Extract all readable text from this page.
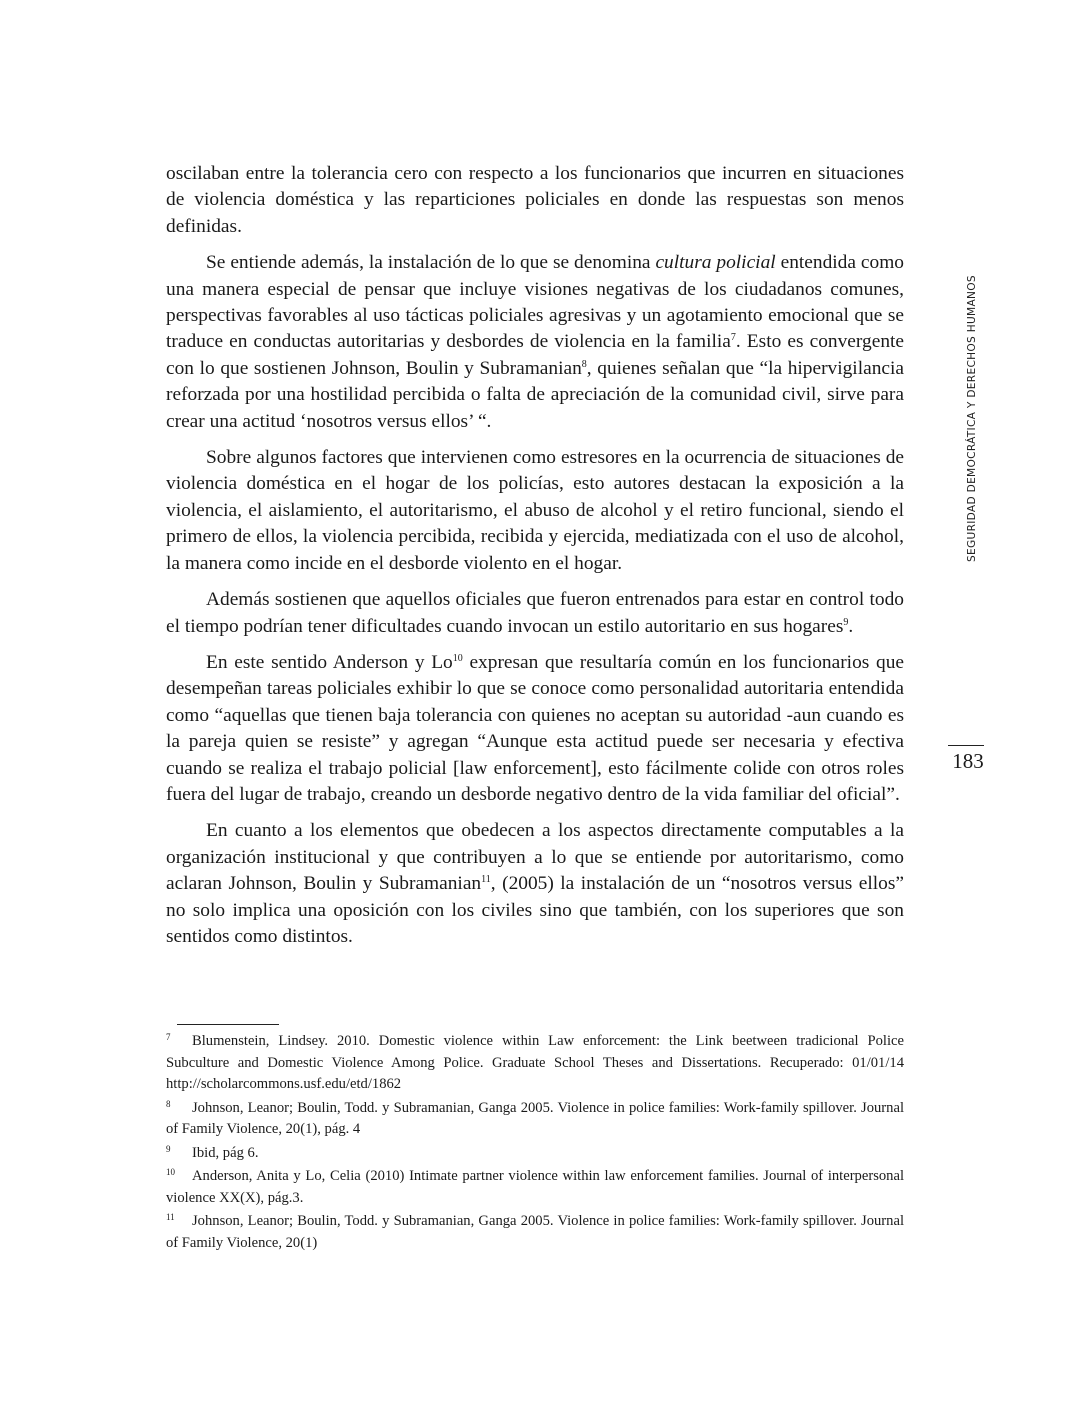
SEGURIDAD DEMOCRÁTICA Y DERECHOS HUMANOS
183

oscilaban entre la tolerancia cero con respecto a los funcionarios que incurren en situaciones de violencia doméstica y las reparticiones policiales en donde las respuestas son menos definidas.

Se entiende además, la instalación de lo que se denomina cultura policial entendida como una manera especial de pensar que incluye visiones negativas de los ciudadanos comunes, perspectivas favorables al uso tácticas policiales agresivas y un agotamiento emocional que se traduce en conductas autoritarias y desbordes de violencia en la familia$^7$. Esto es convergente con lo que sostienen Johnson, Boulin y Subramanian$^8$, quienes señalan que “la hipervigilancia reforzada por una hostilidad percibida o falta de apreciación de la comunidad civil, sirve para crear una actitud ‘nosotros versus ellos’ “.

Sobre algunos factores que intervienen como estresores en la ocurrencia de situaciones de violencia doméstica en el hogar de los policías, esto autores destacan la exposición a la violencia, el aislamiento, el autoritarismo, el abuso de alcohol y el retiro funcional, siendo el primero de ellos, la violencia percibida, recibida y ejercida, mediatizada con el uso de alcohol, la manera como incide en el desborde violento en el hogar.

Además sostienen que aquellos oficiales que fueron entrenados para estar en control todo el tiempo podrían tener dificultades cuando invocan un estilo autoritario en sus hogares$^9$.

En este sentido Anderson y Lo$^{10}$ expresan que resultaría común en los funcionarios que desempeñan tareas policiales exhibir lo que se conoce como personalidad autoritaria entendida como “aquellas que tienen baja tolerancia con quienes no aceptan su autoridad -aun cuando es la pareja quien se resiste” y agregan “Aunque esta actitud puede ser necesaria y efectiva cuando se realiza el trabajo policial [law enforcement], esto fácilmente colide con otros roles fuera del lugar de trabajo, creando un desborde negativo dentro de la vida familiar del oficial”.

En cuanto a los elementos que obedecen a los aspectos directamente computables a la organización institucional y que contribuyen a lo que se entiende por autoritarismo, como aclaran Johnson, Boulin y Subramanian$^{11}$, (2005) la instalación de un “nosotros versus ellos” no solo implica una oposición con los civiles sino que también, con los superiores que son sentidos como distintos.

7 Blumenstein, Lindsey. 2010. Domestic violence within Law enforcement: the Link beetween tradicional Police Subculture and Domestic Violence Among Police. Graduate School Theses and Dissertations. Recuperado: 01/01/14 http://scholarcommons.usf.edu/etd/1862
8 Johnson, Leanor; Boulin, Todd. y Subramanian, Ganga 2005. Violence in police families: Work-family spillover. Journal of Family Violence, 20(1), pág. 4
9 Ibid, pág 6.
10 Anderson, Anita y Lo, Celia (2010) Intimate partner violence within law enforcement families. Journal of interpersonal violence XX(X), pág.3.
11 Johnson, Leanor; Boulin, Todd. y Subramanian, Ganga 2005. Violence in police families: Work-family spillover. Journal of Family Violence, 20(1)
